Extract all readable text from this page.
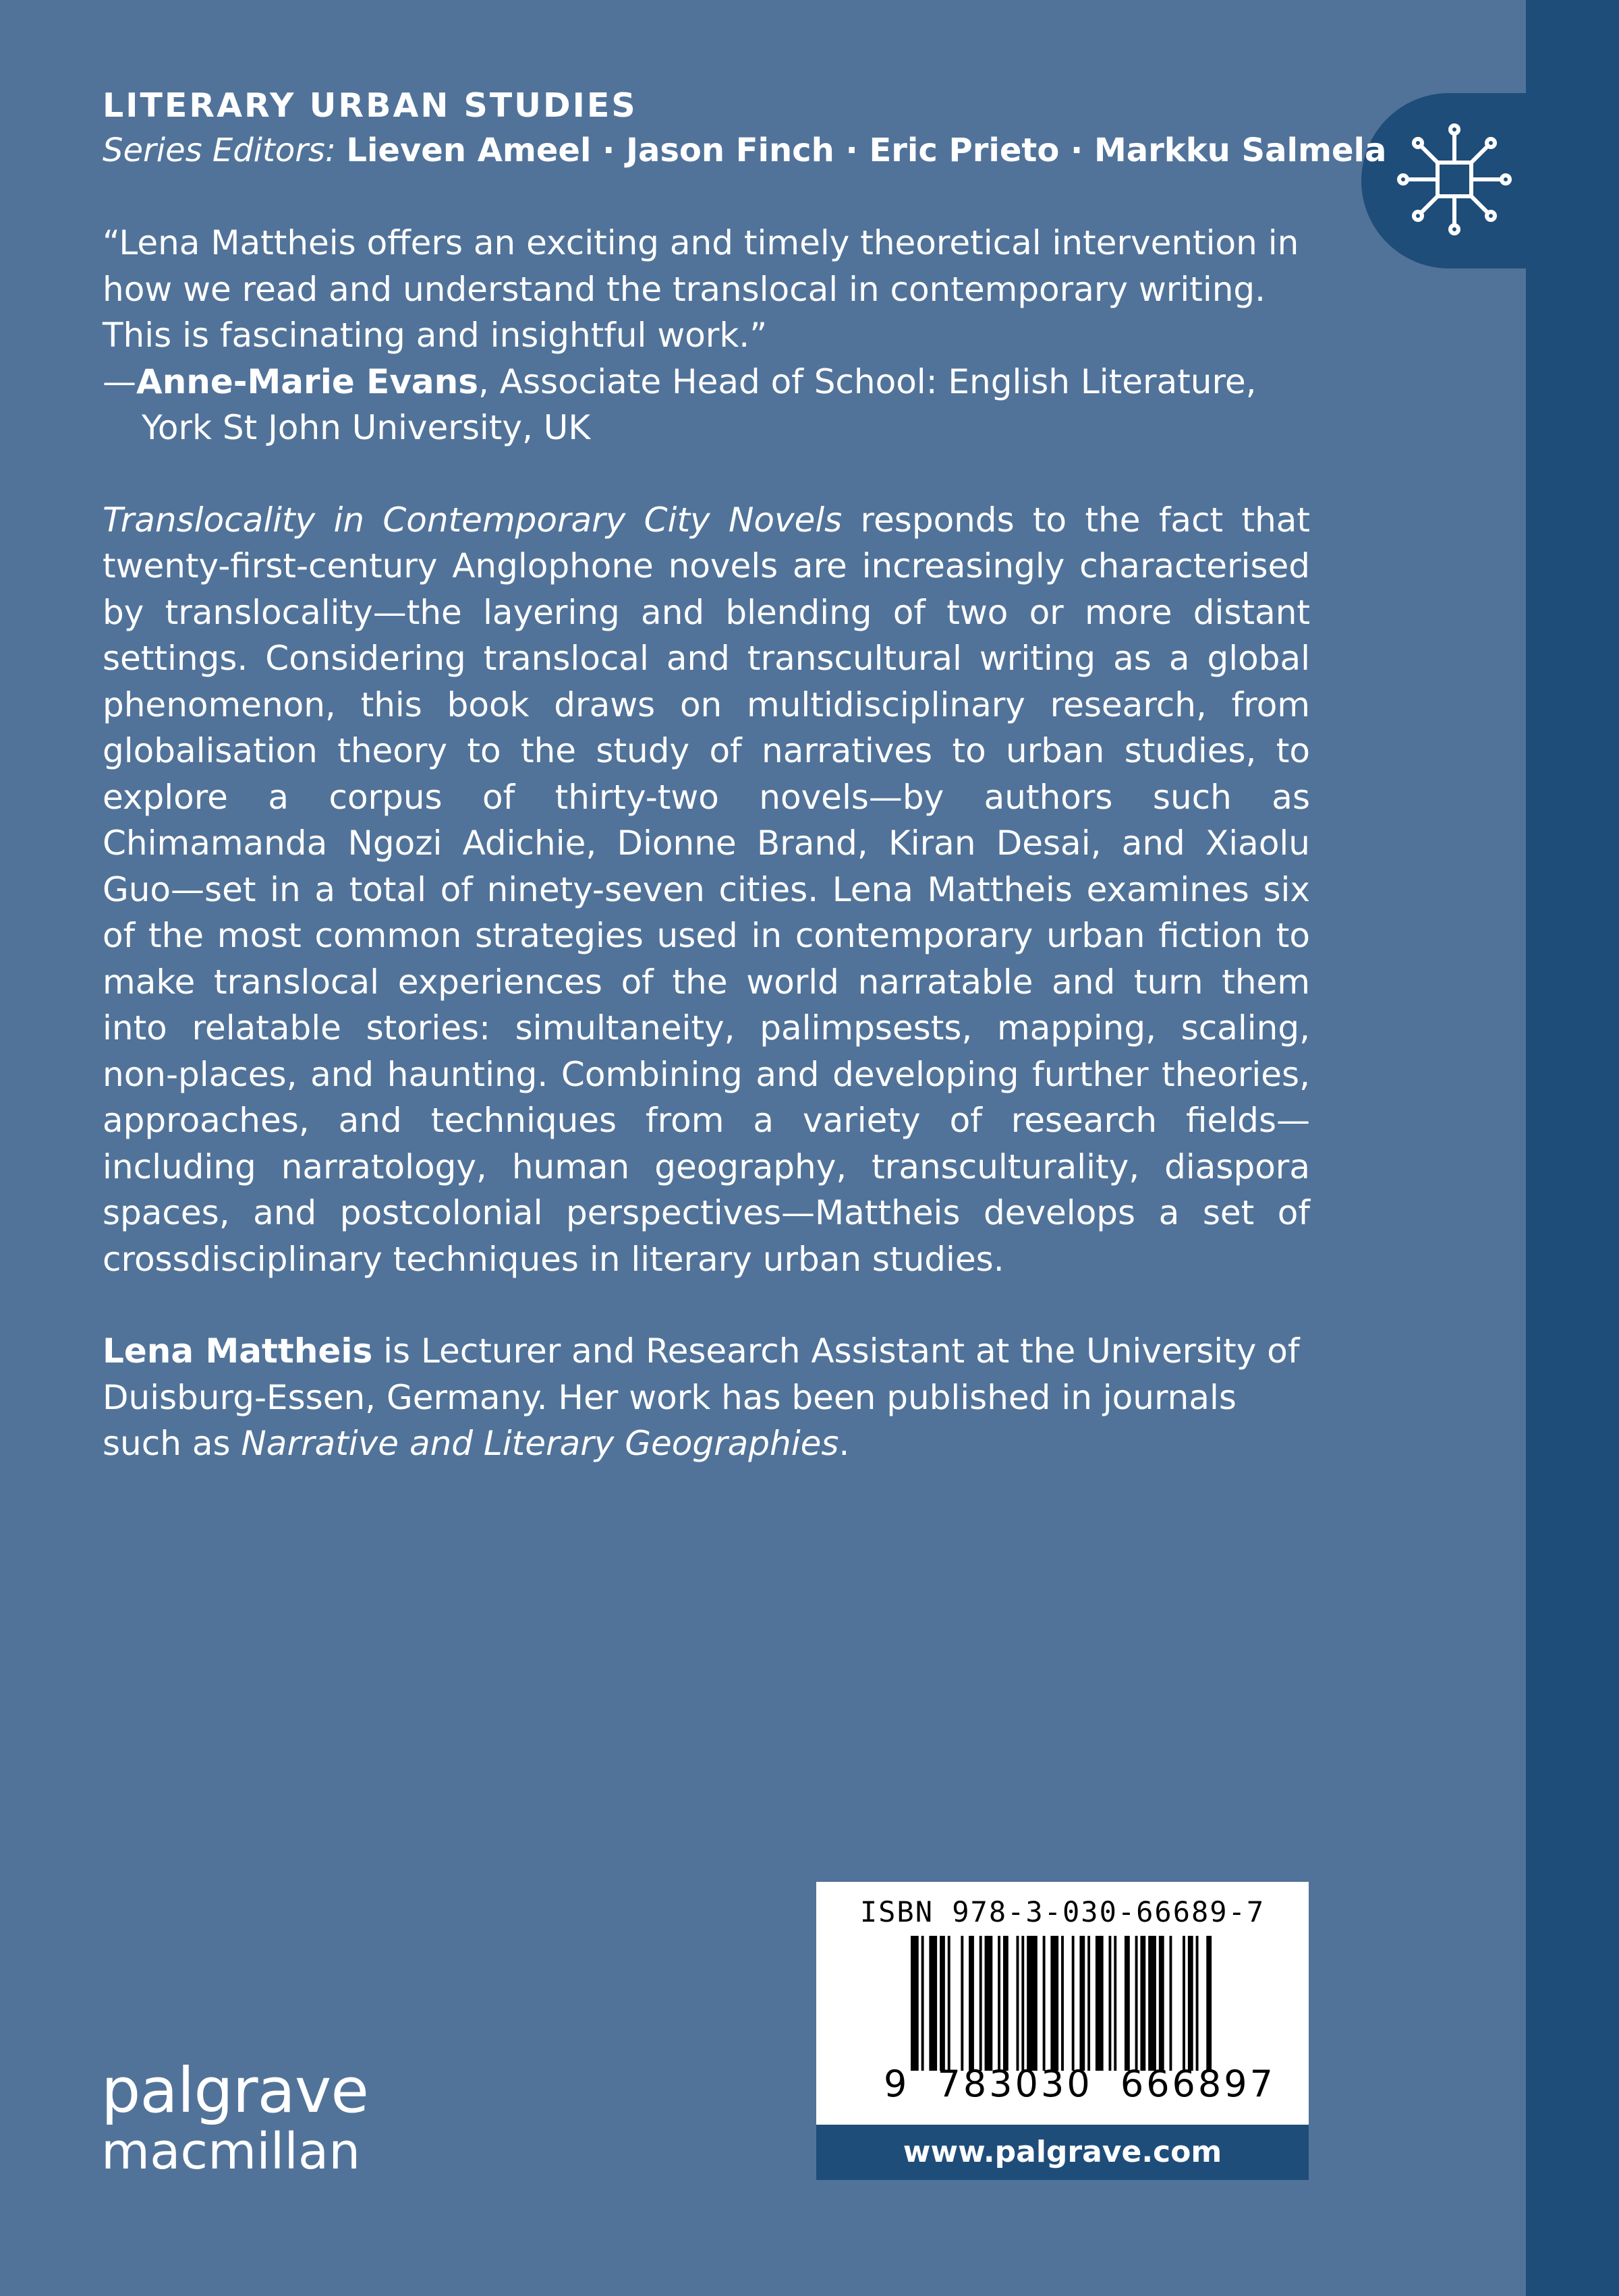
LITERARY URBAN STUDIES
Series Editors: Lieven Ameel · Jason Finch · Eric Prieto · Markku Salmela

“Lena Mattheis offers an exciting and timely theoretical intervention in how we read and understand the translocal in contemporary writing. This is fascinating and insightful work.”
—Anne-Marie Evans, Associate Head of School: English Literature,
York St John University, UK

Translocality in Contemporary City Novels responds to the fact that twenty-first-century Anglophone novels are increasingly characterised by translocality—the layering and blending of two or more distant settings. Considering translocal and transcultural writing as a global phenomenon, this book draws on multidisciplinary research, from globalisation theory to the study of narratives to urban studies, to explore a corpus of thirty-two novels—by authors such as Chimamanda Ngozi Adichie, Dionne Brand, Kiran Desai, and Xiaolu Guo—set in a total of ninety-seven cities. Lena Mattheis examines six of the most common strategies used in contemporary urban fiction to make translocal experiences of the world narratable and turn them into relatable stories: simultaneity, palimpsests, mapping, scaling, non-places, and haunting. Combining and developing further theories, approaches, and techniques from a variety of research fields—including narratology, human geography, transculturality, diaspora spaces, and postcolonial perspectives—Mattheis develops a set of crossdisciplinary techniques in literary urban studies.

Lena Mattheis is Lecturer and Research Assistant at the University of Duisburg-Essen, Germany. Her work has been published in journals such as Narrative and Literary Geographies.

palgrave
macmillan
ISBN 978-3-030-66689-7
9 783030 666897
www.palgrave.com
